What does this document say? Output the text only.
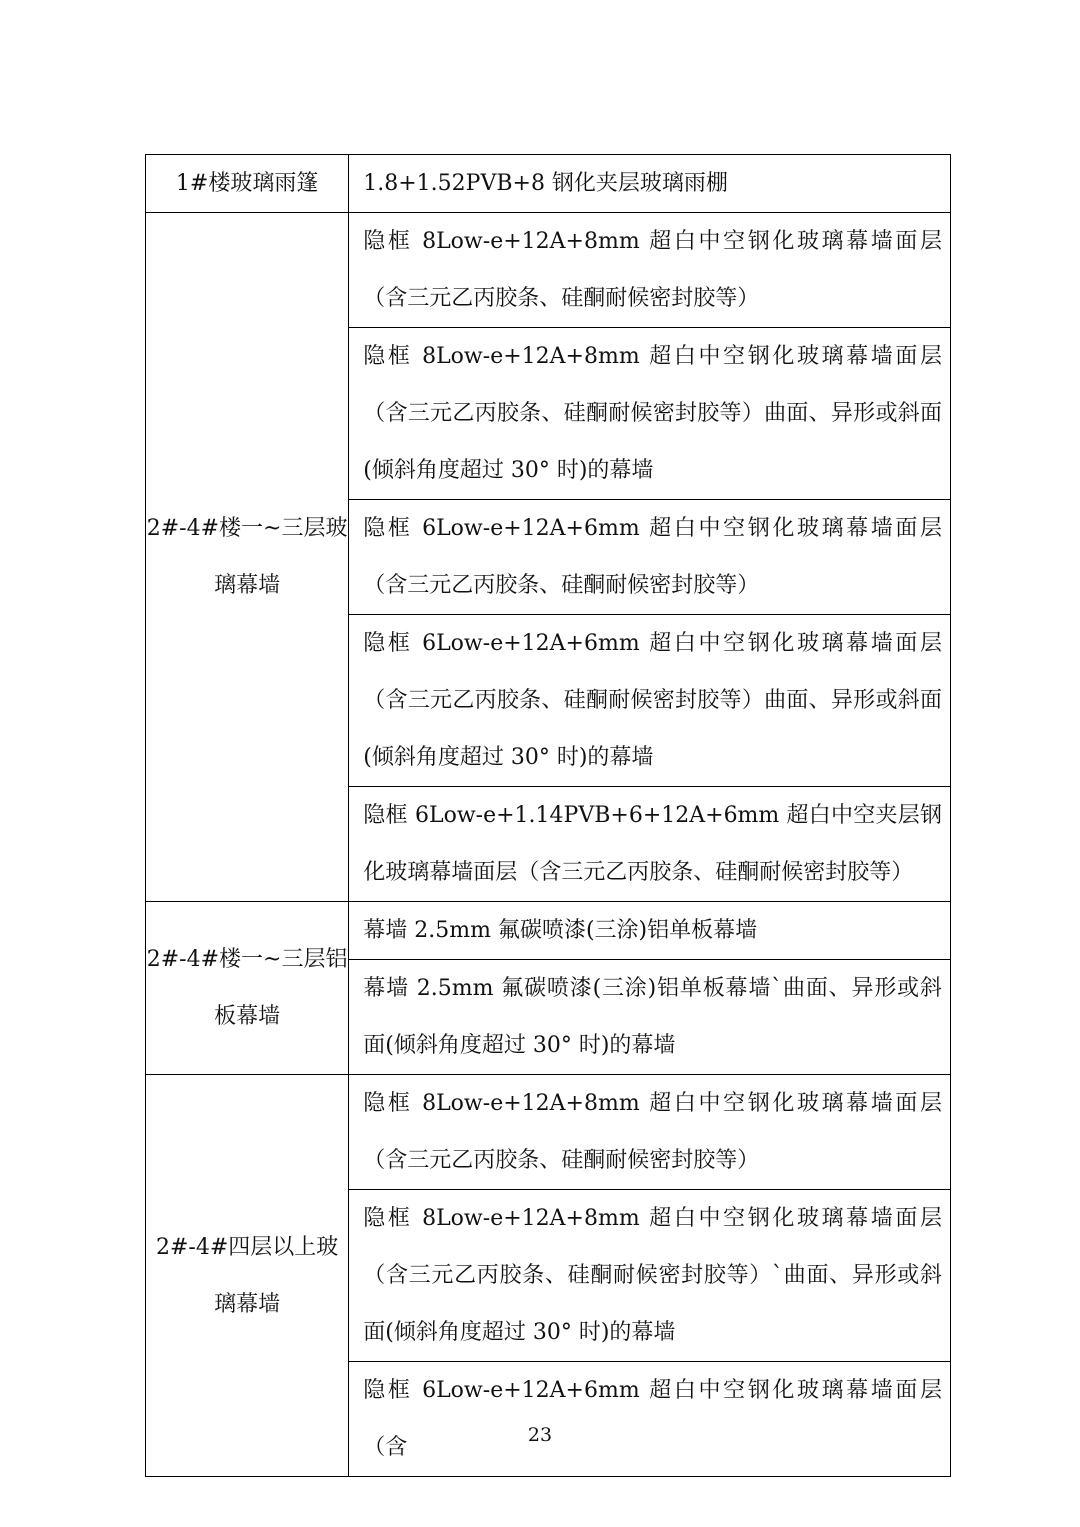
1#楼玻璃雨篷	1.8+1.52PVB+8 钢化夹层玻璃雨棚
2#-4#楼一~三层玻璃幕墙	隐框 8Low-e+12A+8mm 超白中空钢化玻璃幕墙面层（含三元乙丙胶条、硅酮耐候密封胶等）
	隐框 8Low-e+12A+8mm 超白中空钢化玻璃幕墙面层（含三元乙丙胶条、硅酮耐候密封胶等）曲面、异形或斜面(倾斜角度超过 30° 时)的幕墙
	隐框 6Low-e+12A+6mm 超白中空钢化玻璃幕墙面层（含三元乙丙胶条、硅酮耐候密封胶等）
	隐框 6Low-e+12A+6mm 超白中空钢化玻璃幕墙面层（含三元乙丙胶条、硅酮耐候密封胶等）曲面、异形或斜面(倾斜角度超过 30° 时)的幕墙
	隐框 6Low-e+1.14PVB+6+12A+6mm 超白中空夹层钢化玻璃幕墙面层（含三元乙丙胶条、硅酮耐候密封胶等）
2#-4#楼一~三层铝板幕墙	幕墙 2.5mm 氟碳喷漆(三涂)铝单板幕墙
	幕墙 2.5mm 氟碳喷漆(三涂)铝单板幕墙`曲面、异形或斜面(倾斜角度超过 30° 时)的幕墙
2#-4#四层以上玻璃幕墙	隐框 8Low-e+12A+8mm 超白中空钢化玻璃幕墙面层（含三元乙丙胶条、硅酮耐候密封胶等）
	隐框 8Low-e+12A+8mm 超白中空钢化玻璃幕墙面层（含三元乙丙胶条、硅酮耐候密封胶等）`曲面、异形或斜面(倾斜角度超过 30° 时)的幕墙
	隐框 6Low-e+12A+6mm 超白中空钢化玻璃幕墙面层（含	23
